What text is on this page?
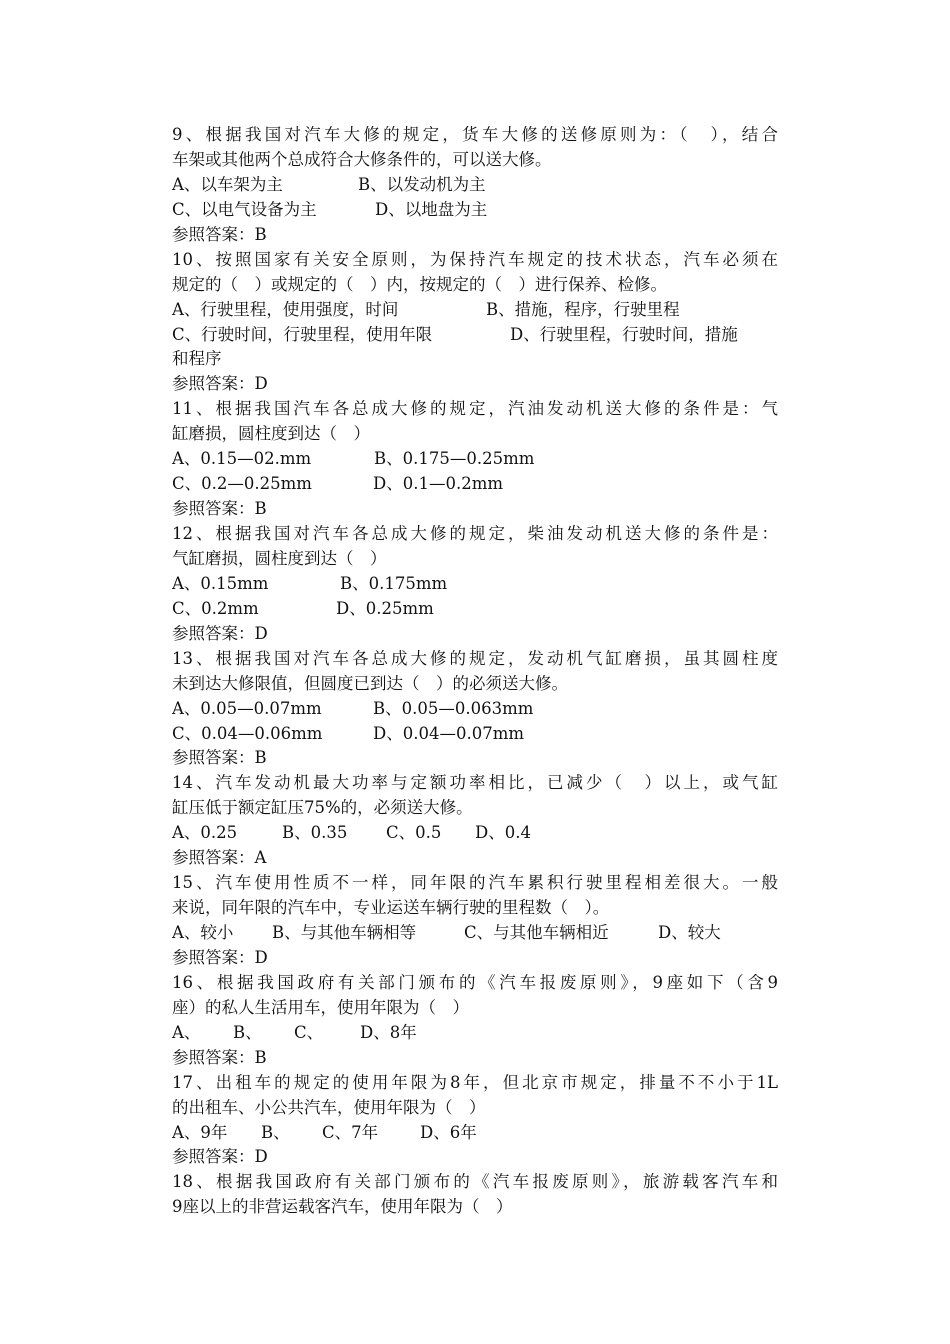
9、根据我国对汽车大修的规定，货车大修的送修原则为：（　），结合
车架或其他两个总成符合大修条件的，可以送大修。
A、以车架为主	B、以发动机为主
C、以电气设备为主	D、以地盘为主
参照答案：B
10、按照国家有关安全原则，为保持汽车规定的技术状态，汽车必须在
规定的（　）或规定的（　）内，按规定的（　）进行保养、检修。
A、行驶里程，使用强度，时间	B、措施，程序，行驶里程
C、行驶时间，行驶里程，使用年限	D、行驶里程，行驶时间，措施
和程序
参照答案：D
11、根据我国汽车各总成大修的规定，汽油发动机送大修的条件是：气
缸磨损，圆柱度到达（　）
A、0.15—02.mm	B、0.175—0.25mm
C、0.2—0.25mm	D、0.1—0.2mm
参照答案：B
12、根据我国对汽车各总成大修的规定，柴油发动机送大修的条件是：
气缸磨损，圆柱度到达（　）
A、0.15mm	B、0.175mm
C、0.2mm	D、0.25mm
参照答案：D
13、根据我国对汽车各总成大修的规定，发动机气缸磨损，虽其圆柱度
未到达大修限值，但圆度已到达（　）的必须送大修。
A、0.05—0.07mm	B、0.05—0.063mm
C、0.04—0.06mm	D、0.04—0.07mm
参照答案：B
14、汽车发动机最大功率与定额功率相比，已减少（　）以上，或气缸
缸压低于额定缸压75%的，必须送大修。
A、0.25	B、0.35 C、0.5 D、0.4
参照答案：A
15、汽车使用性质不一样，同年限的汽车累积行驶里程相差很大。一般
来说，同年限的汽车中，专业运送车辆行驶的里程数（　）。
A、较小 B、与其他车辆相等	C、与其他车辆相近	D、较大
参照答案：D
16、根据我国政府有关部门颁布的《汽车报废原则》，9座如下（含9
座）的私人生活用车，使用年限为（　）
A、 B、 C、 D、8年
参照答案：B
17、出租车的规定的使用年限为8年，但北京市规定，排量不不小于1L
的出租车、小公共汽车，使用年限为（　）
A、9年 B、 C、7年	D、6年
参照答案：D
18、根据我国政府有关部门颁布的《汽车报废原则》，旅游载客汽车和
9座以上的非营运载客汽车，使用年限为（　）
